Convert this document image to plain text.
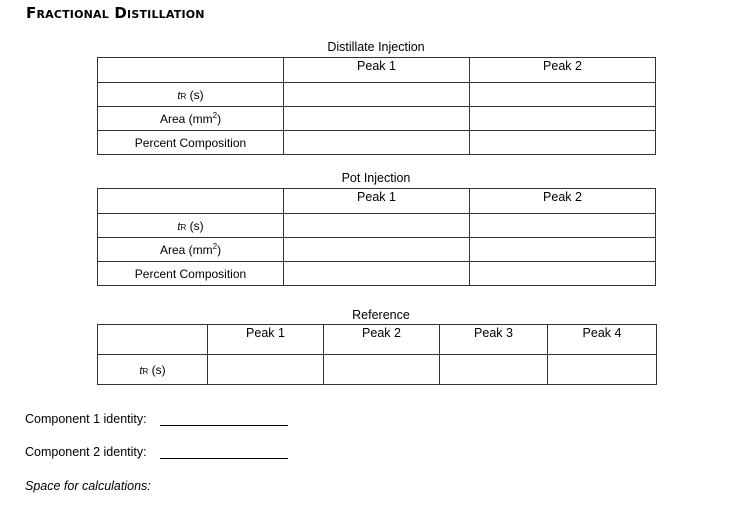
Fractional Distillation
Distillate Injection
	Peak 1	Peak 2
tR (s)		
Area $(mm^2)$		
Percent Composition		
Pot Injection
	Peak 1	Peak 2
tR (s)		
Area $(mm^2)$		
Percent Composition		
Reference
	Peak 1	Peak 2	Peak 3	Peak 4
tR (s)				
Component 1 identity:
Component 2 identity:
Space for calculations:
